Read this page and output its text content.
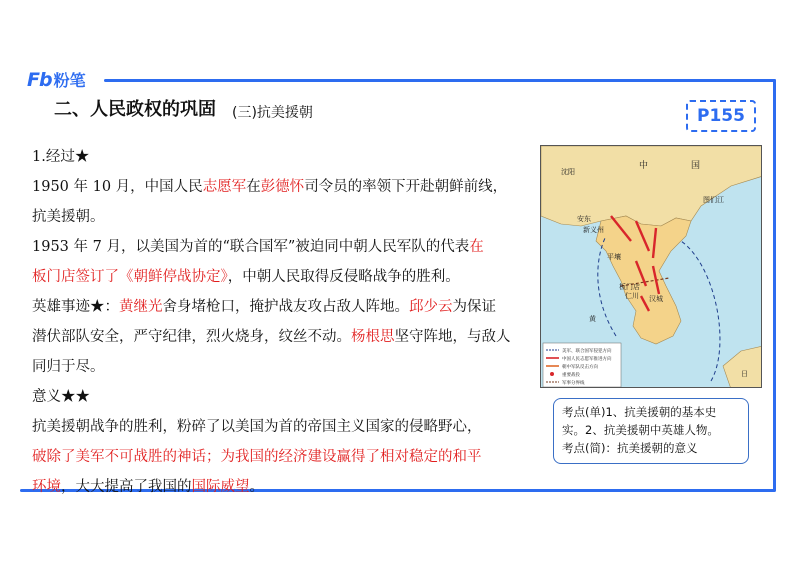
Fb 粉笔
二、人民政权的巩固 (三)抗美援朝	P155

1.经过★

1950 年 10 月，中国人民志愿军在彭德怀司令员的率领下开赴朝鲜前线，

抗美援朝。

1953 年 7 月，以美国为首的“联合国军”被迫同中朝人民军队的代表在

板门店签订了《朝鲜停战协定》，中朝人民取得反侵略战争的胜利。

英雄事迹★：黄继光舍身堵枪口，掩护战友攻占敌人阵地。邱少云为保证

潜伏部队安全，严守纪律，烈火烧身，纹丝不动。杨根思坚守阵地，与敌人

同归于尽。

意义★★

抗美援朝战争的胜利，粉碎了以美国为首的帝国主义国家的侵略野心，

破除了美军不可战胜的神话；为我国的经济建设赢得了相对稳定的和平

环境，大大提高了我国的国际威望。

沈阳
中	国
安东
新义州
平壤
板门店
汉城
仁川
日
黄
图们江
美军、联合国军侵犯方向
中国人民志愿军推进方向
朝中军队反击方向
重要战役
军事分界线
考点(单)1、抗美援朝的基本史
实。2、抗美援朝中英雄人物。
考点(简)：抗美援朝的意义
